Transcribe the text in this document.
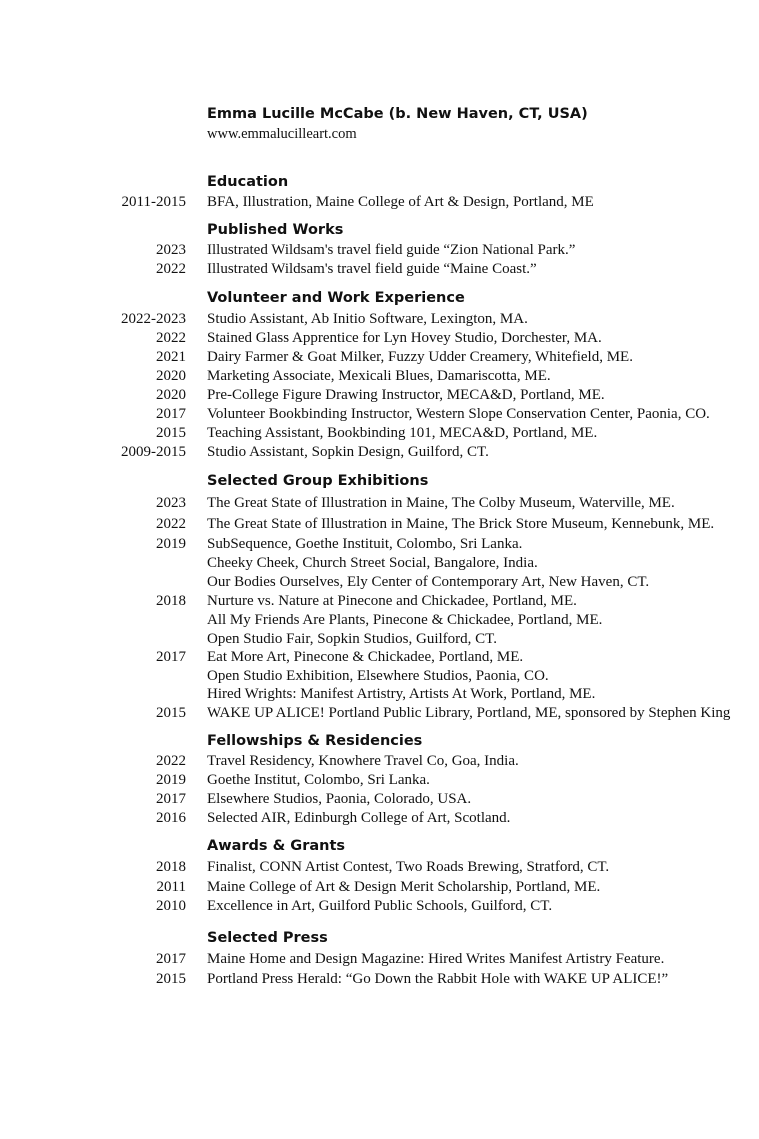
Emma Lucille McCabe (b. New Haven, CT, USA)
www.emmalucilleart.com
Education
2011-2015 BFA, Illustration, Maine College of Art & Design, Portland, ME
Published Works
2023 Illustrated Wildsam's travel field guide “Zion National Park.”
2022 Illustrated Wildsam's travel field guide “Maine Coast.”
Volunteer and Work Experience
2022-2023 Studio Assistant, Ab Initio Software, Lexington, MA.
2022 Stained Glass Apprentice for Lyn Hovey Studio, Dorchester, MA.
2021 Dairy Farmer & Goat Milker, Fuzzy Udder Creamery, Whitefield, ME.
2020 Marketing Associate, Mexicali Blues, Damariscotta, ME.
2020 Pre-College Figure Drawing Instructor, MECA&D, Portland, ME.
2017 Volunteer Bookbinding Instructor, Western Slope Conservation Center, Paonia, CO.
2015 Teaching Assistant, Bookbinding 101, MECA&D, Portland, ME.
2009-2015 Studio Assistant, Sopkin Design, Guilford, CT.
Selected Group Exhibitions
2023 The Great State of Illustration in Maine, The Colby Museum, Waterville, ME.
2022 The Great State of Illustration in Maine, The Brick Store Museum, Kennebunk, ME.
2019 SubSequence, Goethe Instituit, Colombo, Sri Lanka.
Cheeky Cheek, Church Street Social, Bangalore, India.
Our Bodies Ourselves, Ely Center of Contemporary Art, New Haven, CT.
2018 Nurture vs. Nature at Pinecone and Chickadee, Portland, ME.
All My Friends Are Plants, Pinecone & Chickadee, Portland, ME.
Open Studio Fair, Sopkin Studios, Guilford, CT.
2017 Eat More Art, Pinecone & Chickadee, Portland, ME.
Open Studio Exhibition, Elsewhere Studios, Paonia, CO.
Hired Wrights: Manifest Artistry, Artists At Work, Portland, ME.
2015 WAKE UP ALICE! Portland Public Library, Portland, ME, sponsored by Stephen King
Fellowships & Residencies
2022 Travel Residency, Knowhere Travel Co, Goa, India.
2019 Goethe Institut, Colombo, Sri Lanka.
2017 Elsewhere Studios, Paonia, Colorado, USA.
2016 Selected AIR, Edinburgh College of Art, Scotland.
Awards & Grants
2018 Finalist, CONN Artist Contest, Two Roads Brewing, Stratford, CT.
2011 Maine College of Art & Design Merit Scholarship, Portland, ME.
2010 Excellence in Art, Guilford Public Schools, Guilford, CT.
Selected Press
2017 Maine Home and Design Magazine: Hired Writes Manifest Artistry Feature.
2015 Portland Press Herald: “Go Down the Rabbit Hole with WAKE UP ALICE!”
